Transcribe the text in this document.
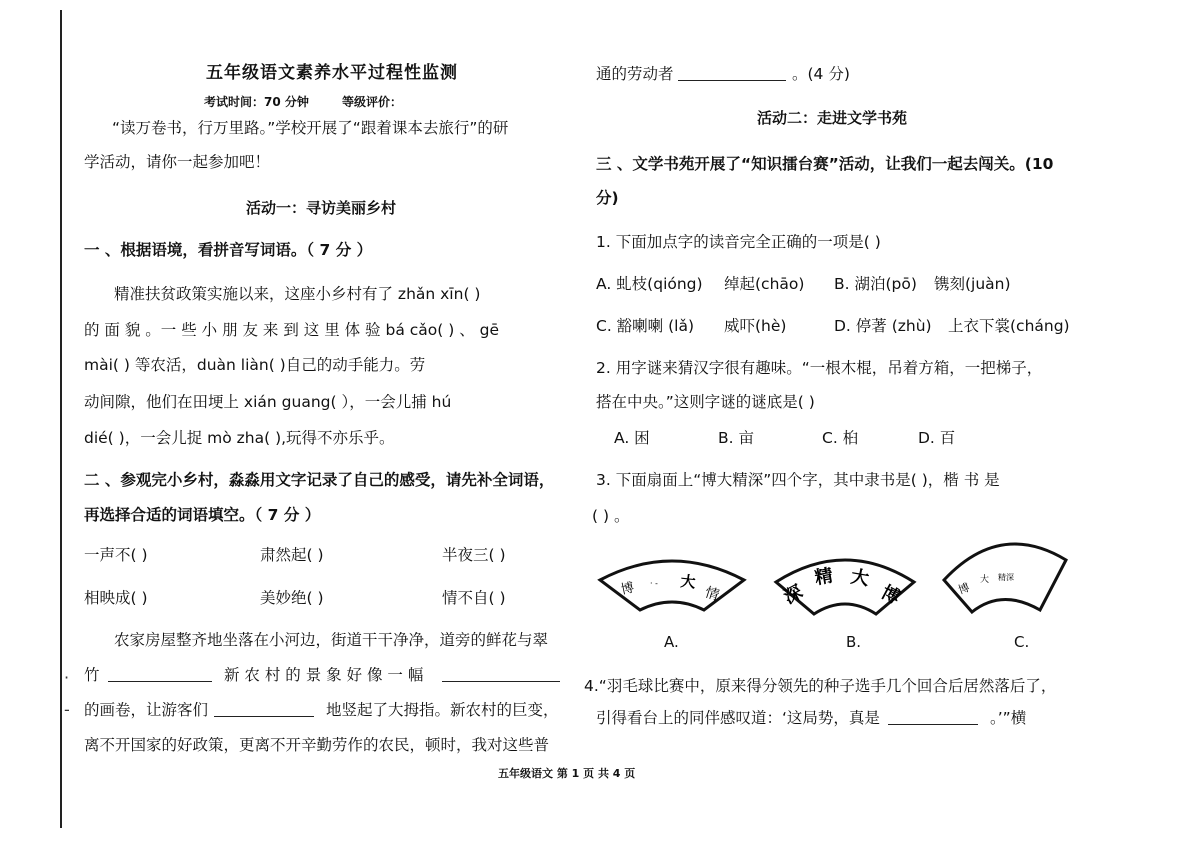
·
-
五年级语文素养水平过程性监测
考试时间：70 分钟	等级评价：
“读万卷书，行万里路。”学校开展了“跟着课本去旅行”的研
学活动，请你一起参加吧！
活动一：寻访美丽乡村
一 、根据语境，看拼音写词语。（ 7 分 ）
精准扶贫政策实施以来，这座小乡村有了 zhǎn xīn( )
的 面 貌 。一 些 小 朋 友 来 到 这 里 体 验 bá cǎo( ) 、 gē
mài( ) 等农活，duàn liàn( )自己的动手能力。劳
动间隙，他们在田埂上 xián guang( ），一会儿捕 hú
dié( )，一会儿捉 mò zha( ),玩得不亦乐乎。
二 、参观完小乡村，淼淼用文字记录了自己的感受，请先补全词语，
再选择合适的词语填空。（ 7 分 ）
一声不( )	肃然起( )	半夜三( )
相映成( )	美妙绝( )	情不自( )
农家房屋整齐地坐落在小河边，街道干干净净，道旁的鲜花与翠
竹	新 农 村 的 景 象 好 像 一 幅
的画卷，让游客们	地竖起了大拇指。新农村的巨变，
离不开国家的好政策，更离不开辛勤劳作的农民，顿时，我对这些普
通的劳动者	。(4 分)
活动二：走进文学书苑
三 、文学书苑开展了“知识擂台赛”活动，让我们一起去闯关。(10
分)
1. 下面加点字的读音完全正确的一项是( )
A. 虬枝(qióng) 绰起(chāo) B. 湖泊(pō) 镌刻(juàn)
C. 豁喇喇 (lǎ) 威吓(hè)	D. 停著 (zhù) 上衣下裳(cháng)
2. 用字谜来猜汉字很有趣味。“一根木棍，吊着方箱，一把梯子，
搭在中央。”这则字谜的谜底是( )
A. 困	B. 亩	C. 桕	D. 百
3. 下面扇面上“博大精深”四个字，其中隶书是( )，楷 书 是
( ) 。
博 · - 大
情
A.
深
精 大
博
B.
博
大 精深
C.
4.“羽毛球比赛中，原来得分领先的种子选手几个回合后居然落后了，
引得看台上的同伴感叹道：‘这局势，真是	。’”横
五年级语文 第 1 页 共 4 页
